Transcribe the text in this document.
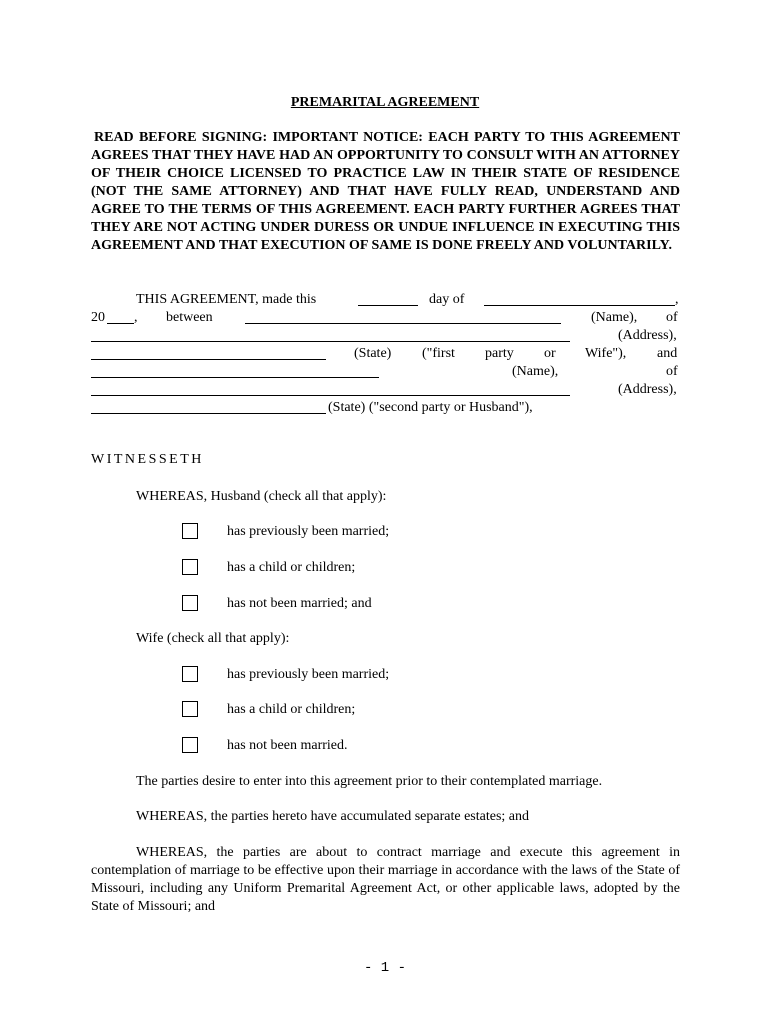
PREMARITAL AGREEMENT
READ BEFORE SIGNING: IMPORTANT NOTICE: EACH PARTY TO THIS AGREEMENT AGREES THAT THEY HAVE HAD AN OPPORTUNITY TO CONSULT WITH AN ATTORNEY OF THEIR CHOICE LICENSED TO PRACTICE LAW IN THEIR STATE OF RESIDENCE (NOT THE SAME ATTORNEY) AND THAT HAVE FULLY READ, UNDERSTAND AND AGREE TO THE TERMS OF THIS AGREEMENT. EACH PARTY FURTHER AGREES THAT THEY ARE NOT ACTING UNDER DURESS OR UNDUE INFLUENCE IN EXECUTING THIS AGREEMENT AND THAT EXECUTION OF SAME IS DONE FREELY AND VOLUNTARILY.
THIS AGREEMENT, made this	day of	,
20 , between	(Name), of
(Address),
(State) ("first party or Wife"), and
(Name),	of
(Address),
(State) ("second party or Husband"),
WITNESSETH
WHEREAS, Husband (check all that apply):
has previously been married;
has a child or children;
has not been married; and
Wife (check all that apply):
has previously been married;
has a child or children;
has not been married.
The parties desire to enter into this agreement prior to their contemplated marriage.
WHEREAS, the parties hereto have accumulated separate estates; and
WHEREAS, the parties are about to contract marriage and execute this agreement in contemplation of marriage to be effective upon their marriage in accordance with the laws of the State of Missouri, including any Uniform Premarital Agreement Act, or other applicable laws, adopted by the State of Missouri; and
- 1 -
